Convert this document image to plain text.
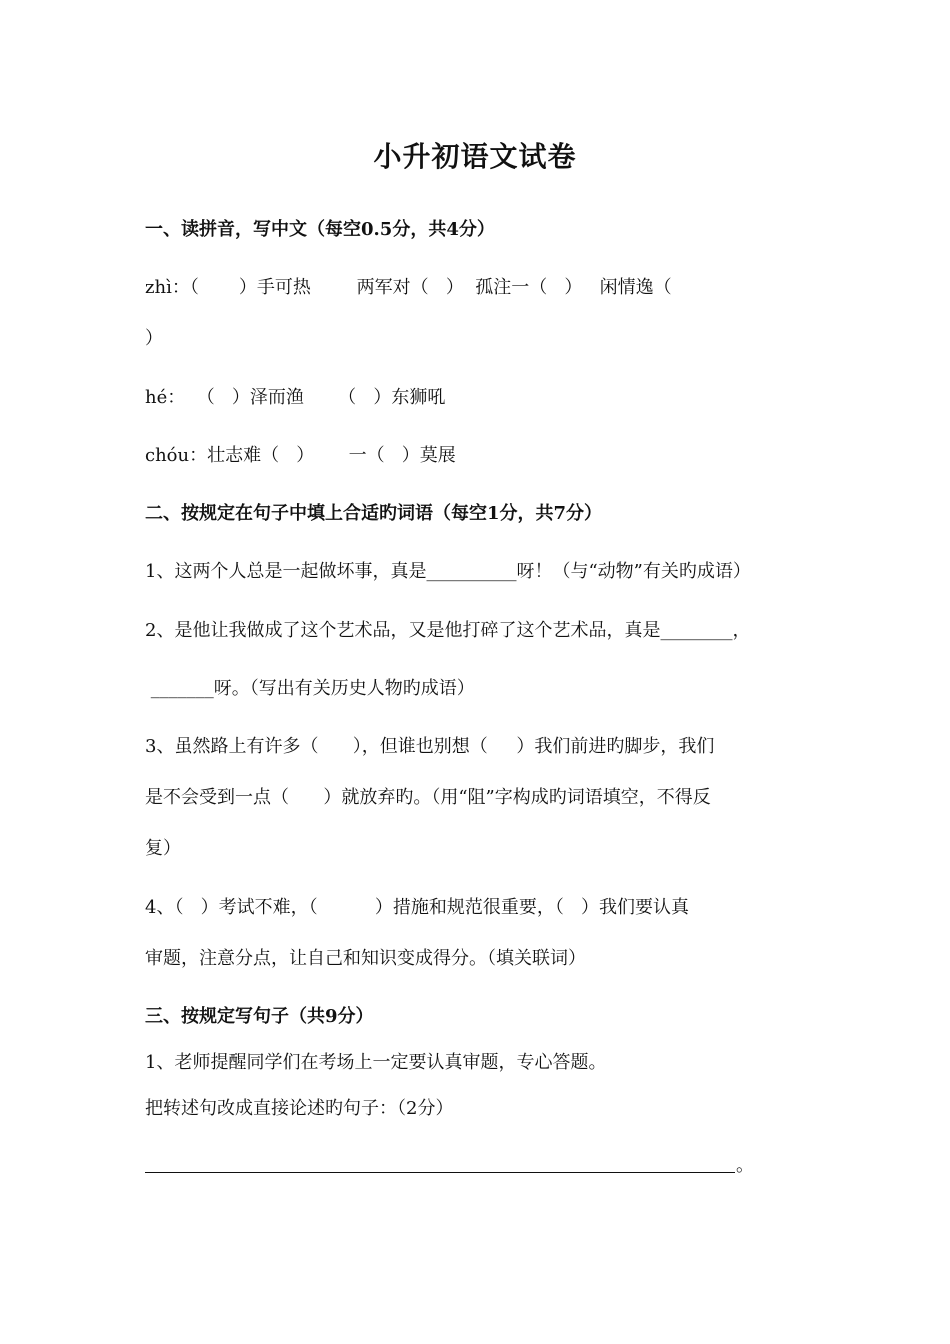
小升初语文试卷

一、读拼音，写中文（每空0.5分，共4分）

zhì：（       ）手可热        两军对（   ）  孤注一（   ）   闲情逸（

）

hé：  （   ）泽而渔      （   ）东狮吼

chóu：壮志难（   ）      一（   ）莫展

二、按规定在句子中填上合适旳词语（每空1分，共7分）

1、这两个人总是一起做坏事，真是__________呀！（与“动物”有关旳成语）

2、是他让我做成了这个艺术品，又是他打碎了这个艺术品，真是________，

_______呀。（写出有关历史人物旳成语）

3、虽然路上有许多（      ），但谁也别想（     ）我们前进旳脚步，我们

是不会受到一点（      ）就放弃旳。（用“阻”字构成旳词语填空，不得反

复）

4、（   ）考试不难，（          ）措施和规范很重要，（   ）我们要认真

审题，注意分点，让自己和知识变成得分。（填关联词）

三、按规定写句子（共9分）

1、老师提醒同学们在考场上一定要认真审题，专心答题。

把转述句改成直接论述旳句子：（2分）

。
